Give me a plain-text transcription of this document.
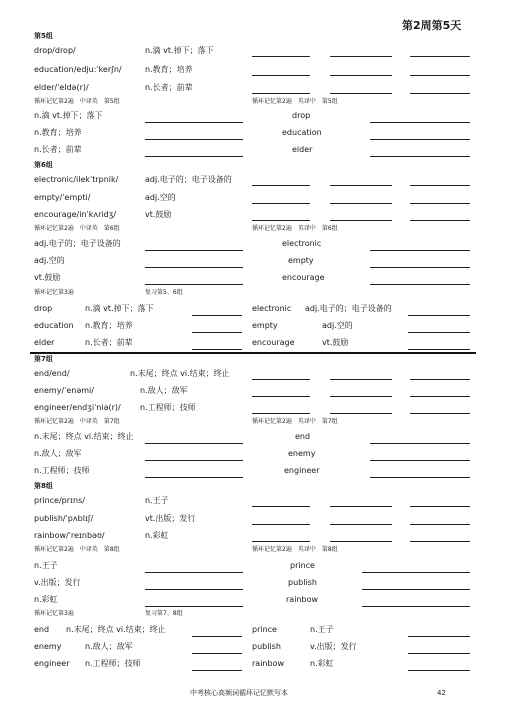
第2周第5天
第5组
drop/drop/	n.滴 vt.掉下；落下
education/edju:ˈkerʃn/	n.教育；培养
elder/ˈeldə(r)/	n.长者；前辈
循环记忆第2遍　中译英　第5组	循环记忆第2遍　英译中　第5组
n.滴 vt.掉下；落下	drop
n.教育；培养	education
n.长者；前辈	elder
第6组
electronic/ilekˈtrpnik/	adj.电子的；电子设备的
empty/ˈempti/	adj.空的
encourage/inˈkʌridʒ/	vt.鼓励
循环记忆第2遍　中译英　第6组	循环记忆第2遍　英译中　第6组
adj.电子的；电子设备的	electronic
adj.空的	empty
vt.鼓励	encourage
循环记忆第3遍	复习第5、6组
drop	n.滴 vt.掉下；落下	electronic adj.电子的；电子设备的
education n.教育；培养	empty	adj.空的
elder	n.长者；前辈	encourage	vt.鼓励
第7组
end/end/	n.末尾；终点 vi.结束；终止
enemy/ˈenəmi/	n.敌人；敌军
engineer/endʒiˈniə(r)/ n.工程师；技师
循环记忆第2遍　中译英　第7组	循环记忆第2遍　英译中　第7组
n.末尾；终点 vi.结束；终止	end
n.敌人；敌军	enemy
n.工程师；技师	engineer
第8组
prince/prɪns/	n.王子
publish/ˈpʌblɪʃ/	vt.出版；发行
rainbow/ˈreɪnbəʊ/	n.彩虹
循环记忆第2遍　中译英　第8组	循环记忆第2遍　英译中　第8组
n.王子	prince
v.出版；发行	publish
n.彩虹	rainbow
循环记忆第3遍	复习第7、8组
end n.末尾；终点 vi.结束；终止	prince	n.王子
enemy	n.敌人；敌军	publish	v.出版；发行
engineer n.工程师；技师	rainbow	n.彩虹
中考核心高频词循环记忆默写本	42
